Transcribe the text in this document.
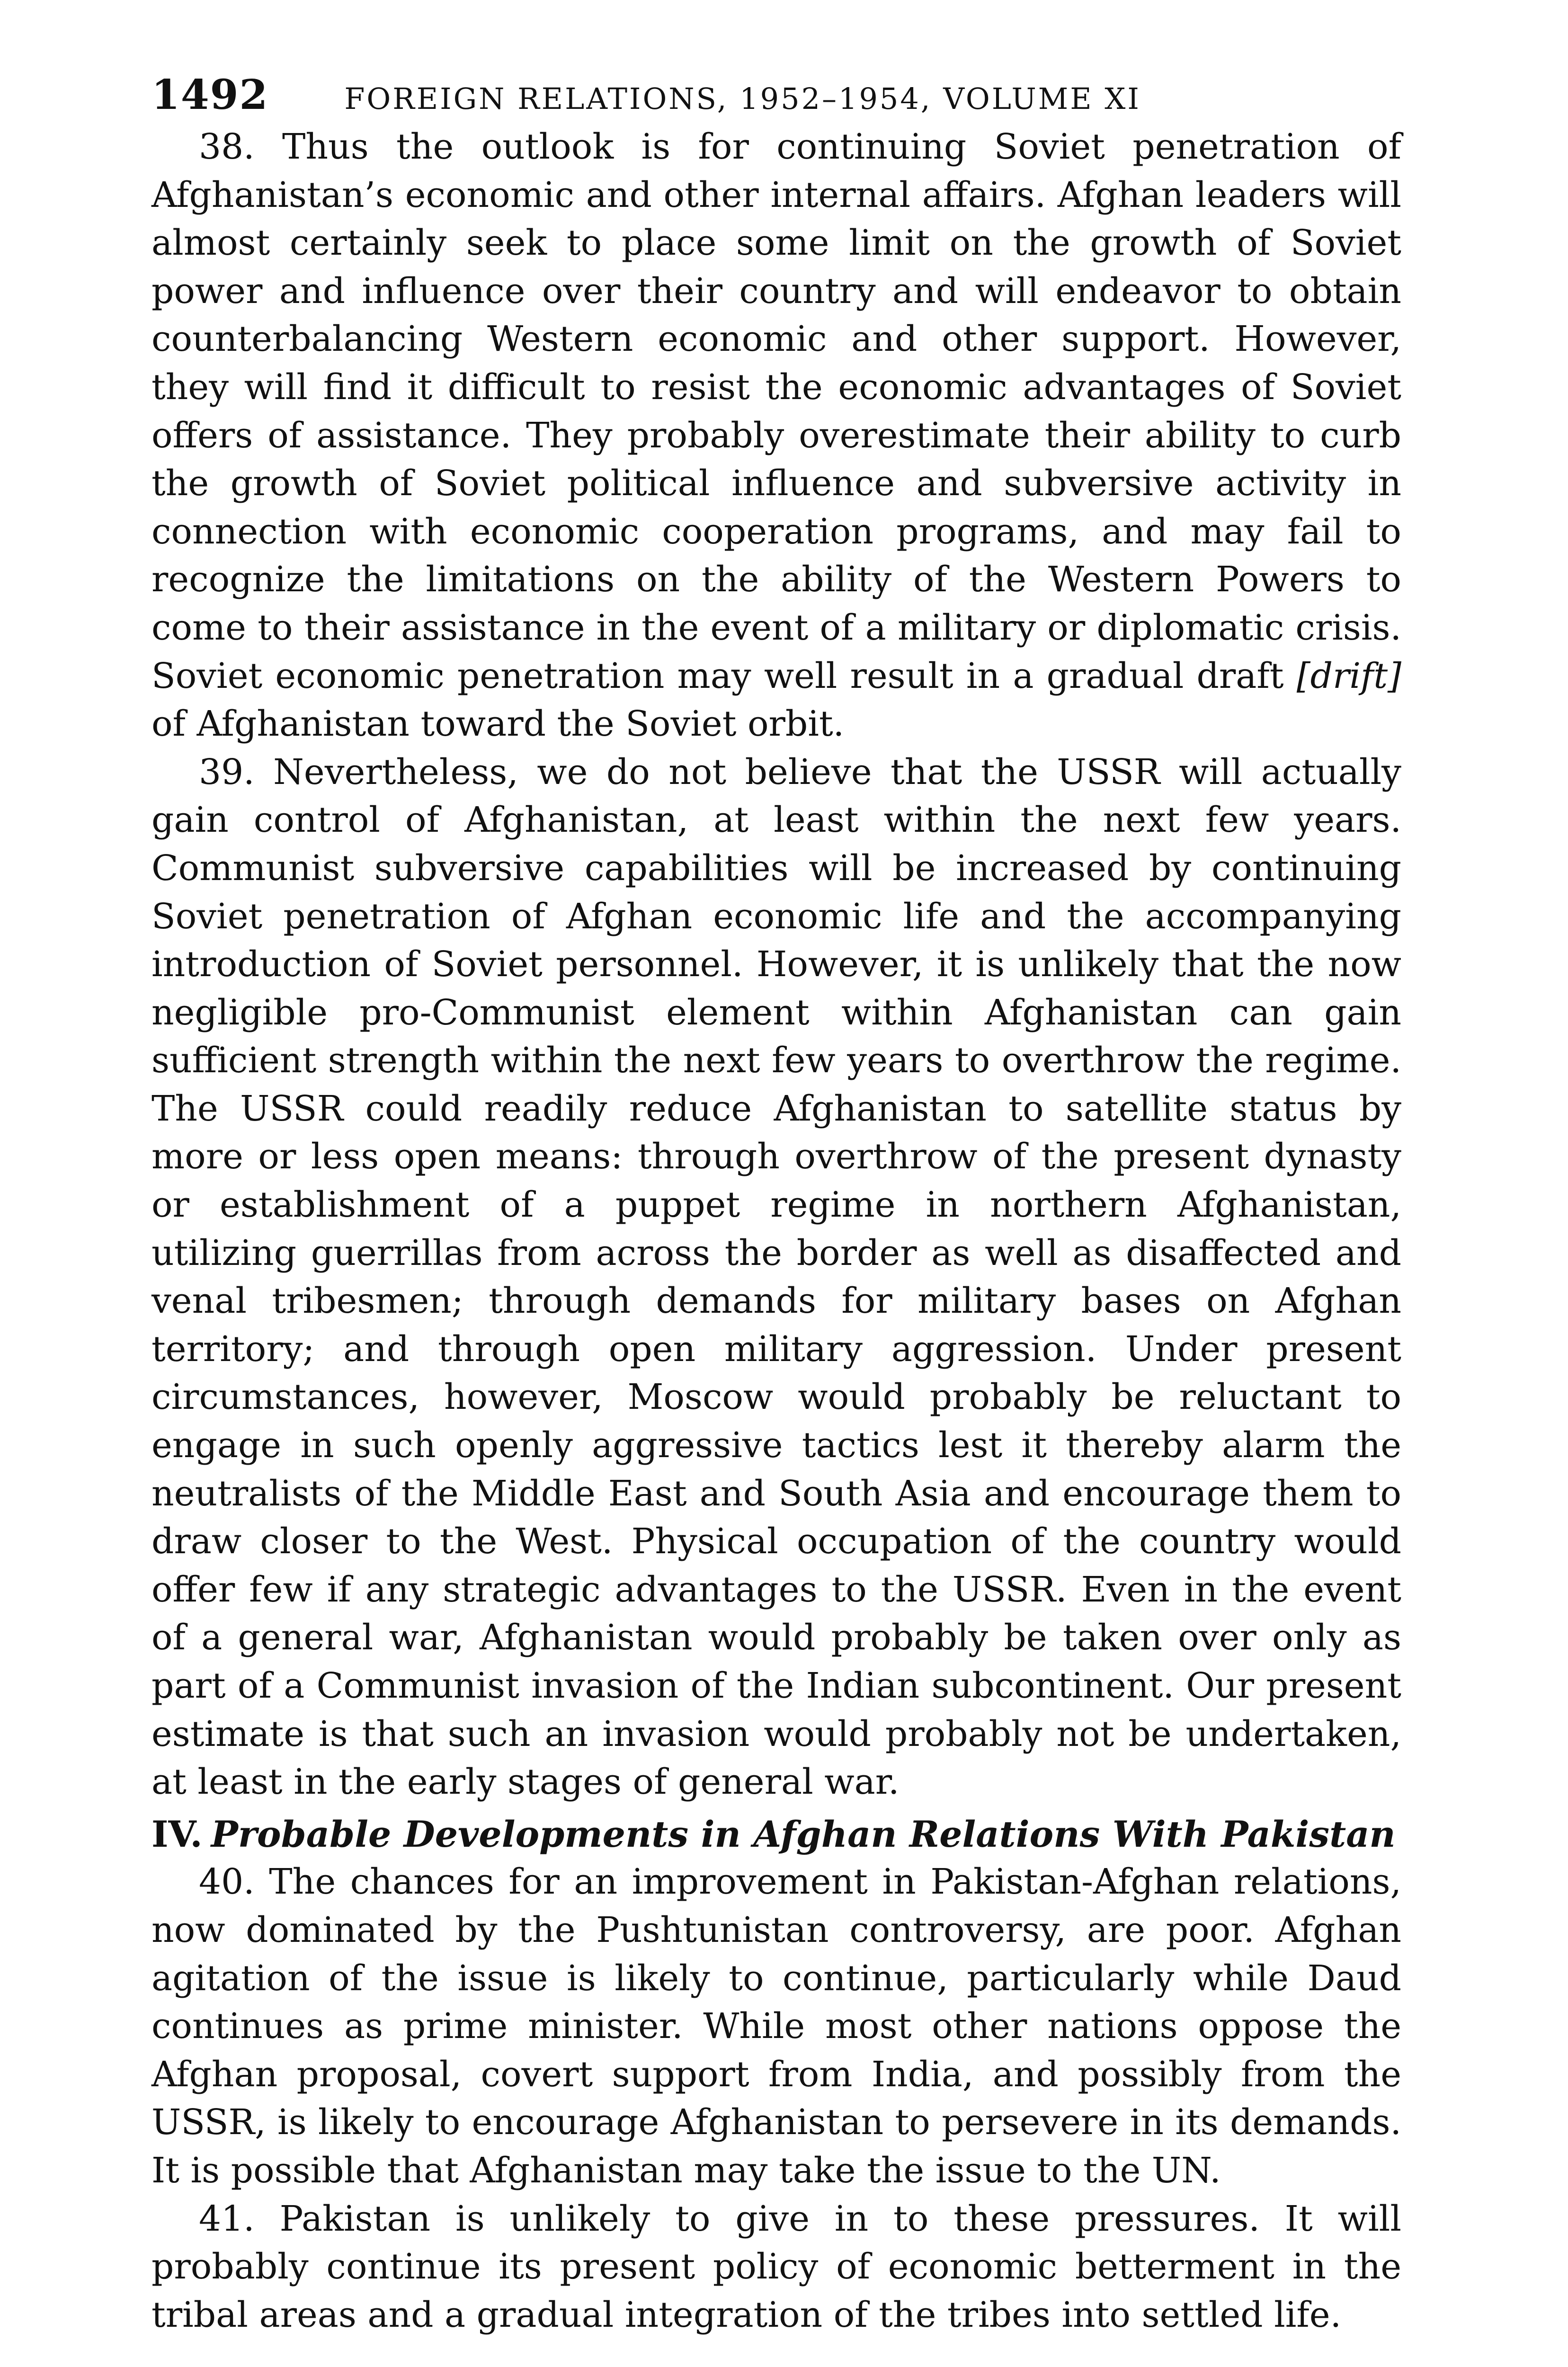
1492	FOREIGN RELATIONS, 1952–1954, VOLUME XI

38. Thus the outlook is for continuing Soviet penetration of Afghanistan’s economic and other internal affairs. Afghan leaders will almost certainly seek to place some limit on the growth of Soviet power and influence over their country and will endeavor to obtain counterbalancing Western economic and other support. However, they will find it difficult to resist the economic advantages of Soviet offers of assistance. They probably overestimate their ability to curb the growth of Soviet political influence and subversive activity in connection with economic cooperation programs, and may fail to recognize the limitations on the ability of the Western Powers to come to their assistance in the event of a military or diplomatic crisis. Soviet economic penetration may well result in a gradual draft [drift] of Afghanistan toward the Soviet orbit.

39. Nevertheless, we do not believe that the USSR will actually gain control of Afghanistan, at least within the next few years. Communist subversive capabilities will be increased by continuing Soviet penetration of Afghan economic life and the accompanying introduction of Soviet personnel. However, it is unlikely that the now negligible pro-Communist element within Afghanistan can gain sufficient strength within the next few years to overthrow the regime. The USSR could readily reduce Afghanistan to satellite status by more or less open means: through overthrow of the present dynasty or establishment of a puppet regime in northern Afghanistan, utilizing guerrillas from across the border as well as disaffected and venal tribesmen; through demands for military bases on Afghan territory; and through open military aggression. Under present circumstances, however, Moscow would probably be reluctant to engage in such openly aggressive tactics lest it thereby alarm the neutralists of the Middle East and South Asia and encourage them to draw closer to the West. Physical occupation of the country would offer few if any strategic advantages to the USSR. Even in the event of a general war, Afghanistan would probably be taken over only as part of a Communist invasion of the Indian subcontinent. Our present estimate is that such an invasion would probably not be undertaken, at least in the early stages of general war.

IV. Probable Developments in Afghan Relations With Pakistan

40. The chances for an improvement in Pakistan-Afghan relations, now dominated by the Pushtunistan controversy, are poor. Afghan agitation of the issue is likely to continue, particularly while Daud continues as prime minister. While most other nations oppose the Afghan proposal, covert support from India, and possibly from the USSR, is likely to encourage Afghanistan to persevere in its demands. It is possible that Afghanistan may take the issue to the UN.

41. Pakistan is unlikely to give in to these pressures. It will probably continue its present policy of economic betterment in the tribal areas and a gradual integration of the tribes into settled life.
